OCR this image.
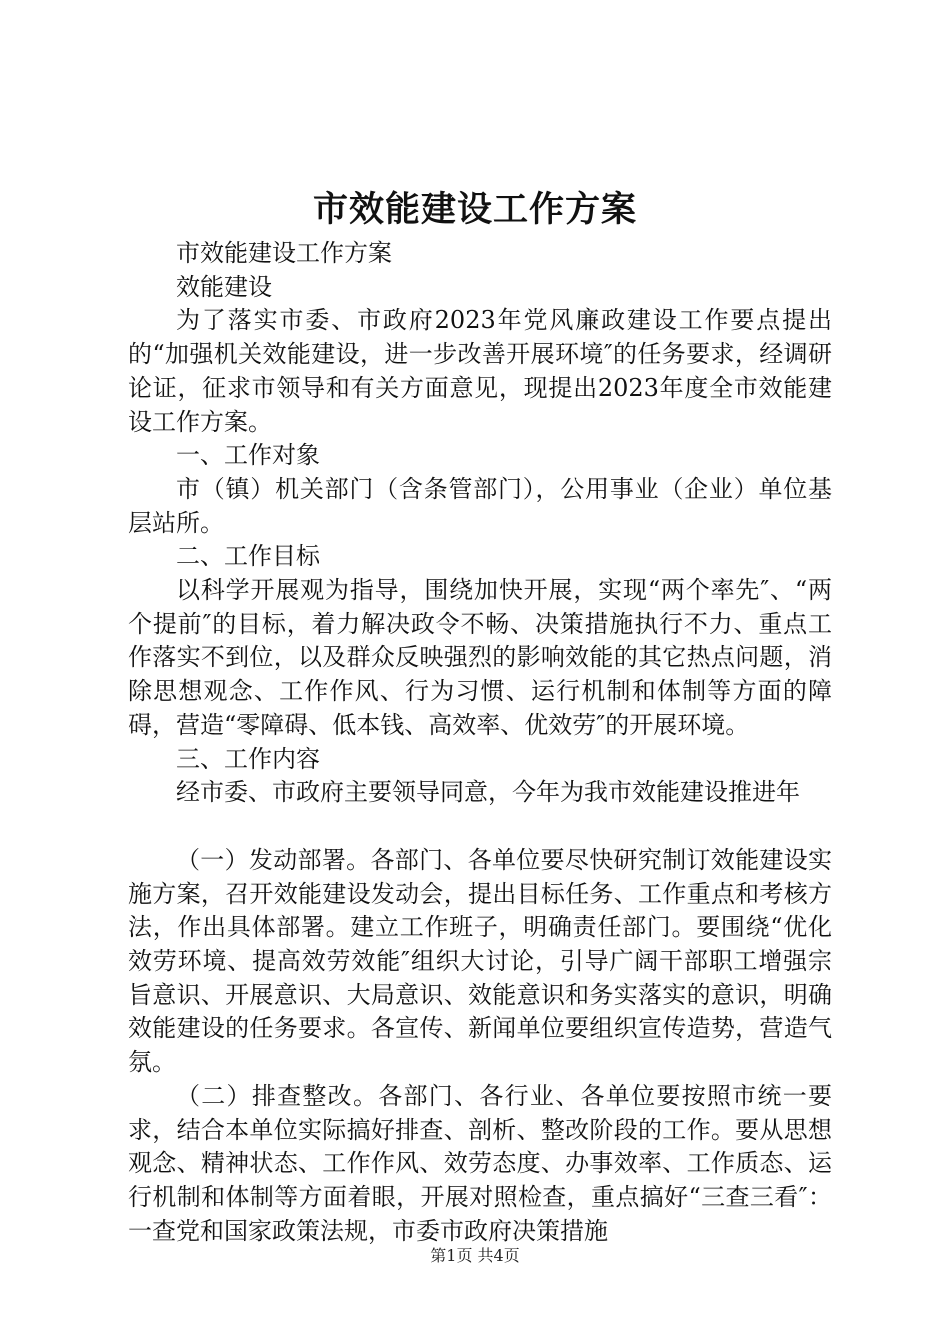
市效能建设工作方案

市效能建设工作方案

效能建设

为了落实市委、市政府2023年党风廉政建设工作要点提出的“加强机关效能建设，进一步改善开展环境″的任务要求，经调研论证，征求市领导和有关方面意见，现提出2023年度全市效能建设工作方案。

一、工作对象

市（镇）机关部门（含条管部门），公用事业（企业）单位基层站所。

二、工作目标

以科学开展观为指导，围绕加快开展，实现“两个率先″、“两个提前″的目标，着力解决政令不畅、决策措施执行不力、重点工作落实不到位，以及群众反映强烈的影响效能的其它热点问题，消除思想观念、工作作风、行为习惯、运行机制和体制等方面的障碍，营造“零障碍、低本钱、高效率、优效劳″的开展环境。

三、工作内容

经市委、市政府主要领导同意，今年为我市效能建设推进年

（一）发动部署。各部门、各单位要尽快研究制订效能建设实施方案，召开效能建设发动会，提出目标任务、工作重点和考核方法，作出具体部署。建立工作班子，明确责任部门。要围绕“优化效劳环境、提高效劳效能″组织大讨论，引导广阔干部职工增强宗旨意识、开展意识、大局意识、效能意识和务实落实的意识，明确效能建设的任务要求。各宣传、新闻单位要组织宣传造势，营造气氛。

（二）排查整改。各部门、各行业、各单位要按照市统一要求，结合本单位实际搞好排查、剖析、整改阶段的工作。要从思想观念、精神状态、工作作风、效劳态度、办事效率、工作质态、运行机制和体制等方面着眼，开展对照检查，重点搞好“三查三看″：一查党和国家政策法规，市委市政府决策措施

第1页 共4页
